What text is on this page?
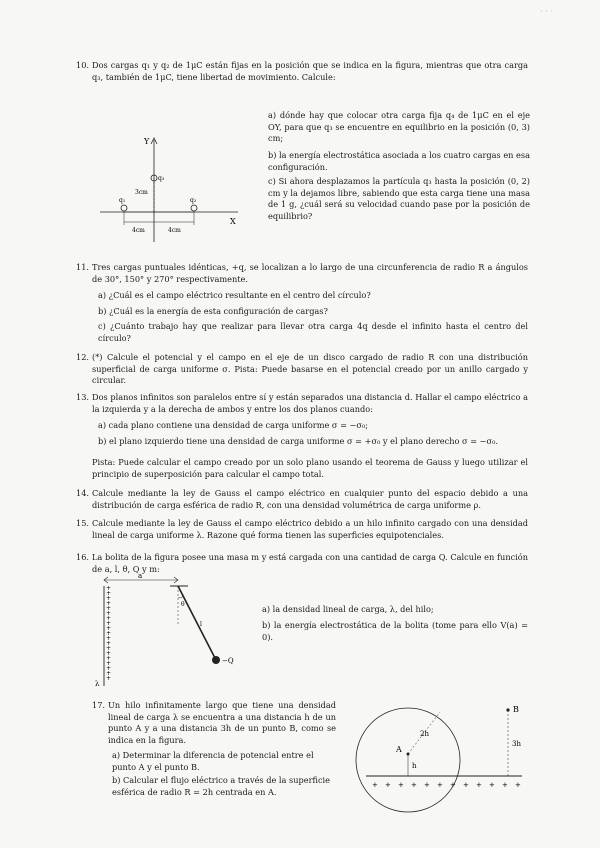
· · ·
10. Dos cargas q₁ y q₂ de 1μC están fijas en la posición que se indica en la figura, mientras que otra carga q₃, también de 1μC, tiene libertad de movimiento. Calcule:
a) dónde hay que colocar otra carga fija q₄ de 1μC en el eje OY, para que q₃ se encuentre en equilibrio en la posición (0, 3) cm;
b) la energía electrostática asociada a los cuatro cargas en esa configuración.
c) Si ahora desplazamos la partícula q₃ hasta la posición (0, 2) cm y la dejamos libre, sabiendo que esta carga tiene una masa de 1 g, ¿cuál será su velocidad cuando pase por la posición de equilibrio?
Y
X
q₁	q₂
q₃
3cm
4cm	4cm
11. Tres cargas puntuales idénticas, +q, se localizan a lo largo de una circunferencia de radio R a ángulos de 30°, 150° y 270° respectivamente.
a) ¿Cuál es el campo eléctrico resultante en el centro del círculo?
b) ¿Cuál es la energía de esta configuración de cargas?
c) ¿Cuánto trabajo hay que realizar para llevar otra carga 4q desde el infinito hasta el centro del círculo?
12. (*) Calcule el potencial y el campo en el eje de un disco cargado de radio R con una distribución superficial de carga uniforme σ. Pista: Puede basarse en el potencial creado por un anillo cargado y circular.
13. Dos planos infinitos son paralelos entre sí y están separados una distancia d. Hallar el campo eléctrico a la izquierda y a la derecha de ambos y entre los dos planos cuando:
a) cada plano contiene una densidad de carga uniforme σ = −σ₀;
b) el plano izquierdo tiene una densidad de carga uniforme σ = +σ₀ y el plano derecho σ = −σ₀.
Pista: Puede calcular el campo creado por un solo plano usando el teorema de Gauss y luego utilizar el principio de superposición para calcular el campo total.
14. Calcule mediante la ley de Gauss el campo eléctrico en cualquier punto del espacio debido a una distribución de carga esférica de radio R, con una densidad volumétrica de carga uniforme ρ.
15. Calcule mediante la ley de Gauss el campo eléctrico debido a un hilo infinito cargado con una densidad lineal de carga uniforme λ. Razone qué forma tienen las superficies equipotenciales.
16. La bolita de la figura posee una masa m y está cargada con una cantidad de carga Q. Calcule en función de a, l, θ, Q y m:
a) la densidad lineal de carga, λ, del hilo;
b) la energía electrostática de la bolita (tome para ello V(a) = 0).
a
+
+
+
+
+
+
+
+
+
+
+
+
+
+
+
+
+
+
+
λ
θ
l
−Q
17. Un hilo infinitamente largo que tiene una densidad lineal de carga λ se encuentra a una distancia h de un punto A y a una distancia 3h de un punto B, como se indica en la figura.
a) Determinar la diferencia de potencial entre el punto A y el punto B.
b) Calcular el flujo eléctrico a través de la superficie esférica de radio R = 2h centrada en A.
+ + + + + + + + + + + +
A
2h
h
B
3h
